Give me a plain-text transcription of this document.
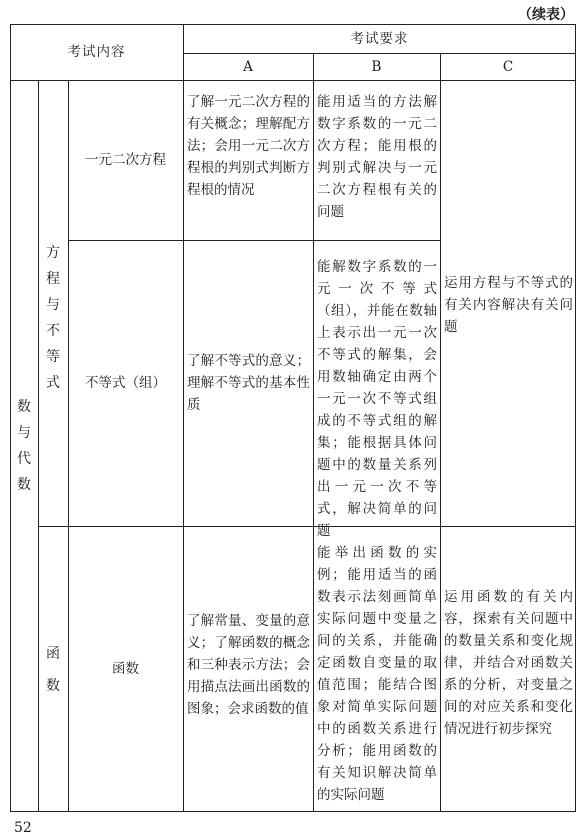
（续表）
考试内容
考试要求
A	B	C
数与代数
方程与不等式
函数
一元二次方程
了解一元二次方程的有关概念；理解配方法；会用一元二次方程根的判别式判断方程根的情况
能用适当的方法解数字系数的一元二次方程；能用根的判别式解决与一元二次方程根有关的问题
不等式（组）
了解不等式的意义；理解不等式的基本性质
能解数字系数的一元一次不等式（组），并能在数轴上表示出一元一次不等式的解集，会用数轴确定由两个一元一次不等式组成的不等式组的解集；能根据具体问题中的数量关系列出一元一次不等式，解决简单的问题
运用方程与不等式的有关内容解决有关问题
函数
了解常量、变量的意义；了解函数的概念和三种表示方法；会用描点法画出函数的图象；会求函数的值
能举出函数的实例；能用适当的函数表示法刻画简单实际问题中变量之间的关系，并能确定函数自变量的取值范围；能结合图象对简单实际问题中的函数关系进行分析；能用函数的有关知识解决简单的实际问题
运用函数的有关内容，探索有关问题中的数量关系和变化规律，并结合对函数关系的分析，对变量之间的对应关系和变化情况进行初步探究
52
